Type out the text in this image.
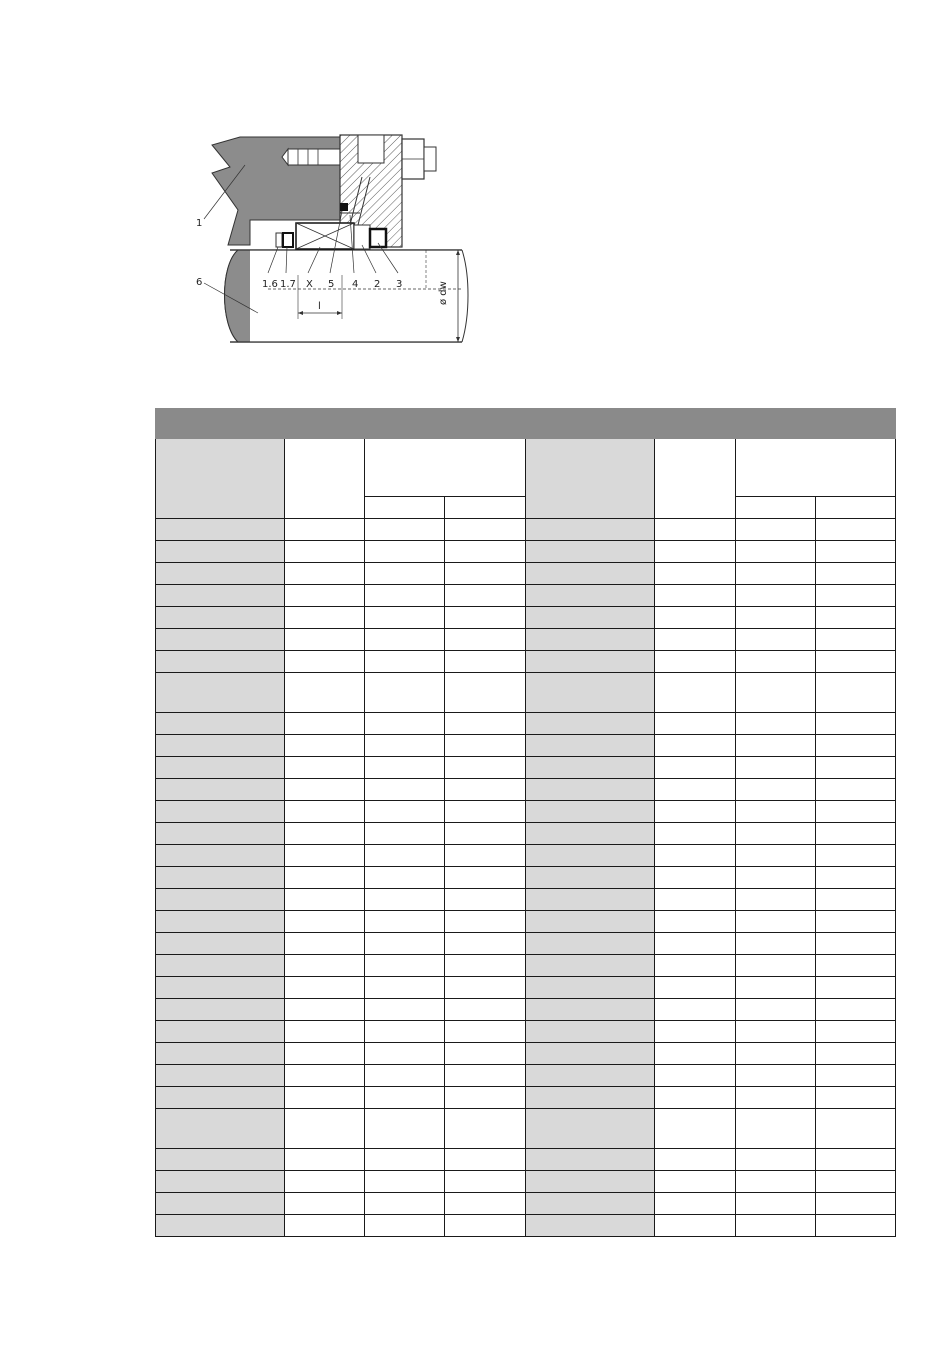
1
6	1.6 1.7 X 5 4 2 3
l
ø dw
